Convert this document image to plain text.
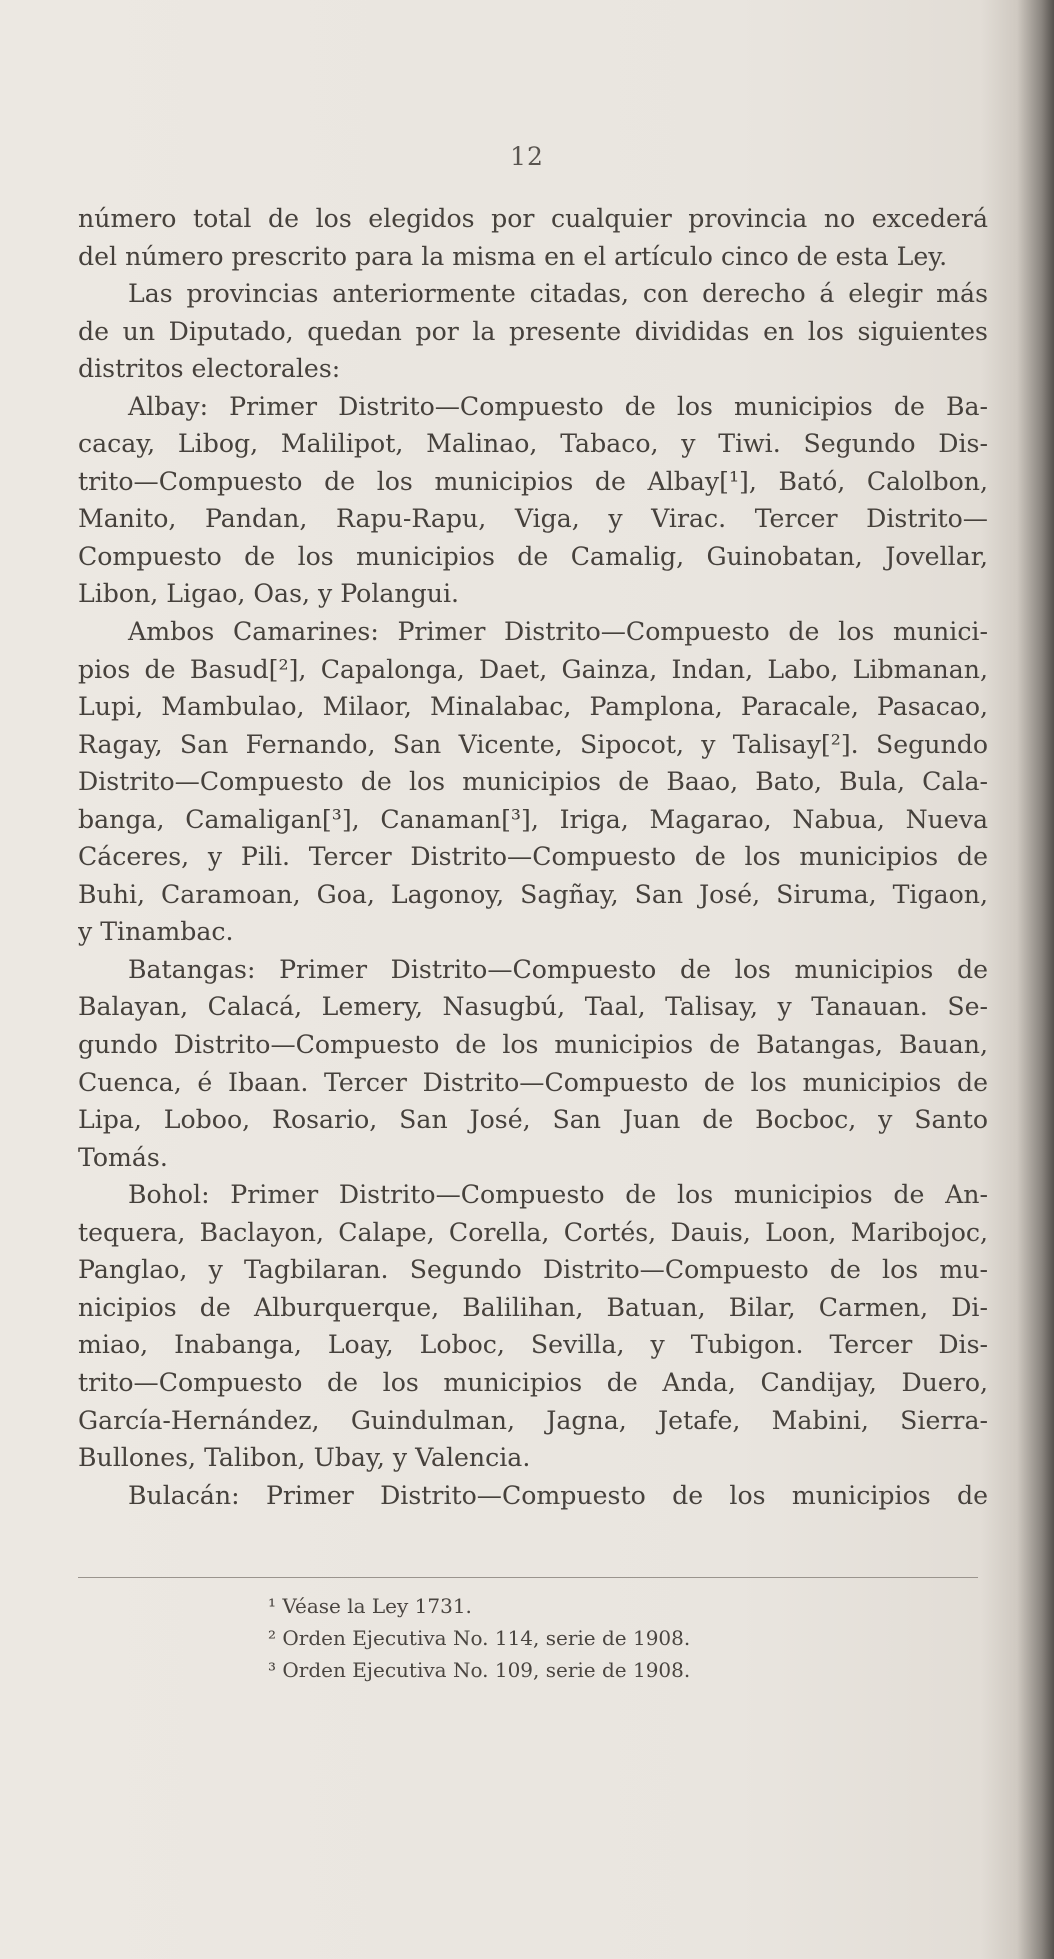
12
número total de los elegidos por cualquier provincia no excederá
del número prescrito para la misma en el artículo cinco de esta Ley.
Las provincias anteriormente citadas, con derecho á elegir más
de un Diputado, quedan por la presente divididas en los siguientes
distritos electorales:
Albay: Primer Distrito—Compuesto de los municipios de Ba-
cacay, Libog, Malilipot, Malinao, Tabaco, y Tiwi. Segundo Dis-
trito—Compuesto de los municipios de Albay[¹], Bató, Calolbon,
Manito, Pandan, Rapu-Rapu, Viga, y Virac. Tercer Distrito—
Compuesto de los municipios de Camalig, Guinobatan, Jovellar,
Libon, Ligao, Oas, y Polangui.
Ambos Camarines: Primer Distrito—Compuesto de los munici-
pios de Basud[²], Capalonga, Daet, Gainza, Indan, Labo, Libmanan,
Lupi, Mambulao, Milaor, Minalabac, Pamplona, Paracale, Pasacao,
Ragay, San Fernando, San Vicente, Sipocot, y Talisay[²]. Segundo
Distrito—Compuesto de los municipios de Baao, Bato, Bula, Cala-
banga, Camaligan[³], Canaman[³], Iriga, Magarao, Nabua, Nueva
Cáceres, y Pili. Tercer Distrito—Compuesto de los municipios de
Buhi, Caramoan, Goa, Lagonoy, Sagñay, San José, Siruma, Tigaon,
y Tinambac.
Batangas: Primer Distrito—Compuesto de los municipios de
Balayan, Calacá, Lemery, Nasugbú, Taal, Talisay, y Tanauan. Se-
gundo Distrito—Compuesto de los municipios de Batangas, Bauan,
Cuenca, é Ibaan. Tercer Distrito—Compuesto de los municipios de
Lipa, Loboo, Rosario, San José, San Juan de Bocboc, y Santo
Tomás.
Bohol: Primer Distrito—Compuesto de los municipios de An-
tequera, Baclayon, Calape, Corella, Cortés, Dauis, Loon, Maribojoc,
Panglao, y Tagbilaran. Segundo Distrito—Compuesto de los mu-
nicipios de Alburquerque, Balilihan, Batuan, Bilar, Carmen, Di-
miao, Inabanga, Loay, Loboc, Sevilla, y Tubigon. Tercer Dis-
trito—Compuesto de los municipios de Anda, Candijay, Duero,
García-Hernández, Guindulman, Jagna, Jetafe, Mabini, Sierra-
Bullones, Talibon, Ubay, y Valencia.
Bulacán: Primer Distrito—Compuesto de los municipios de
¹ Véase la Ley 1731.
² Orden Ejecutiva No. 114, serie de 1908.
³ Orden Ejecutiva No. 109, serie de 1908.
